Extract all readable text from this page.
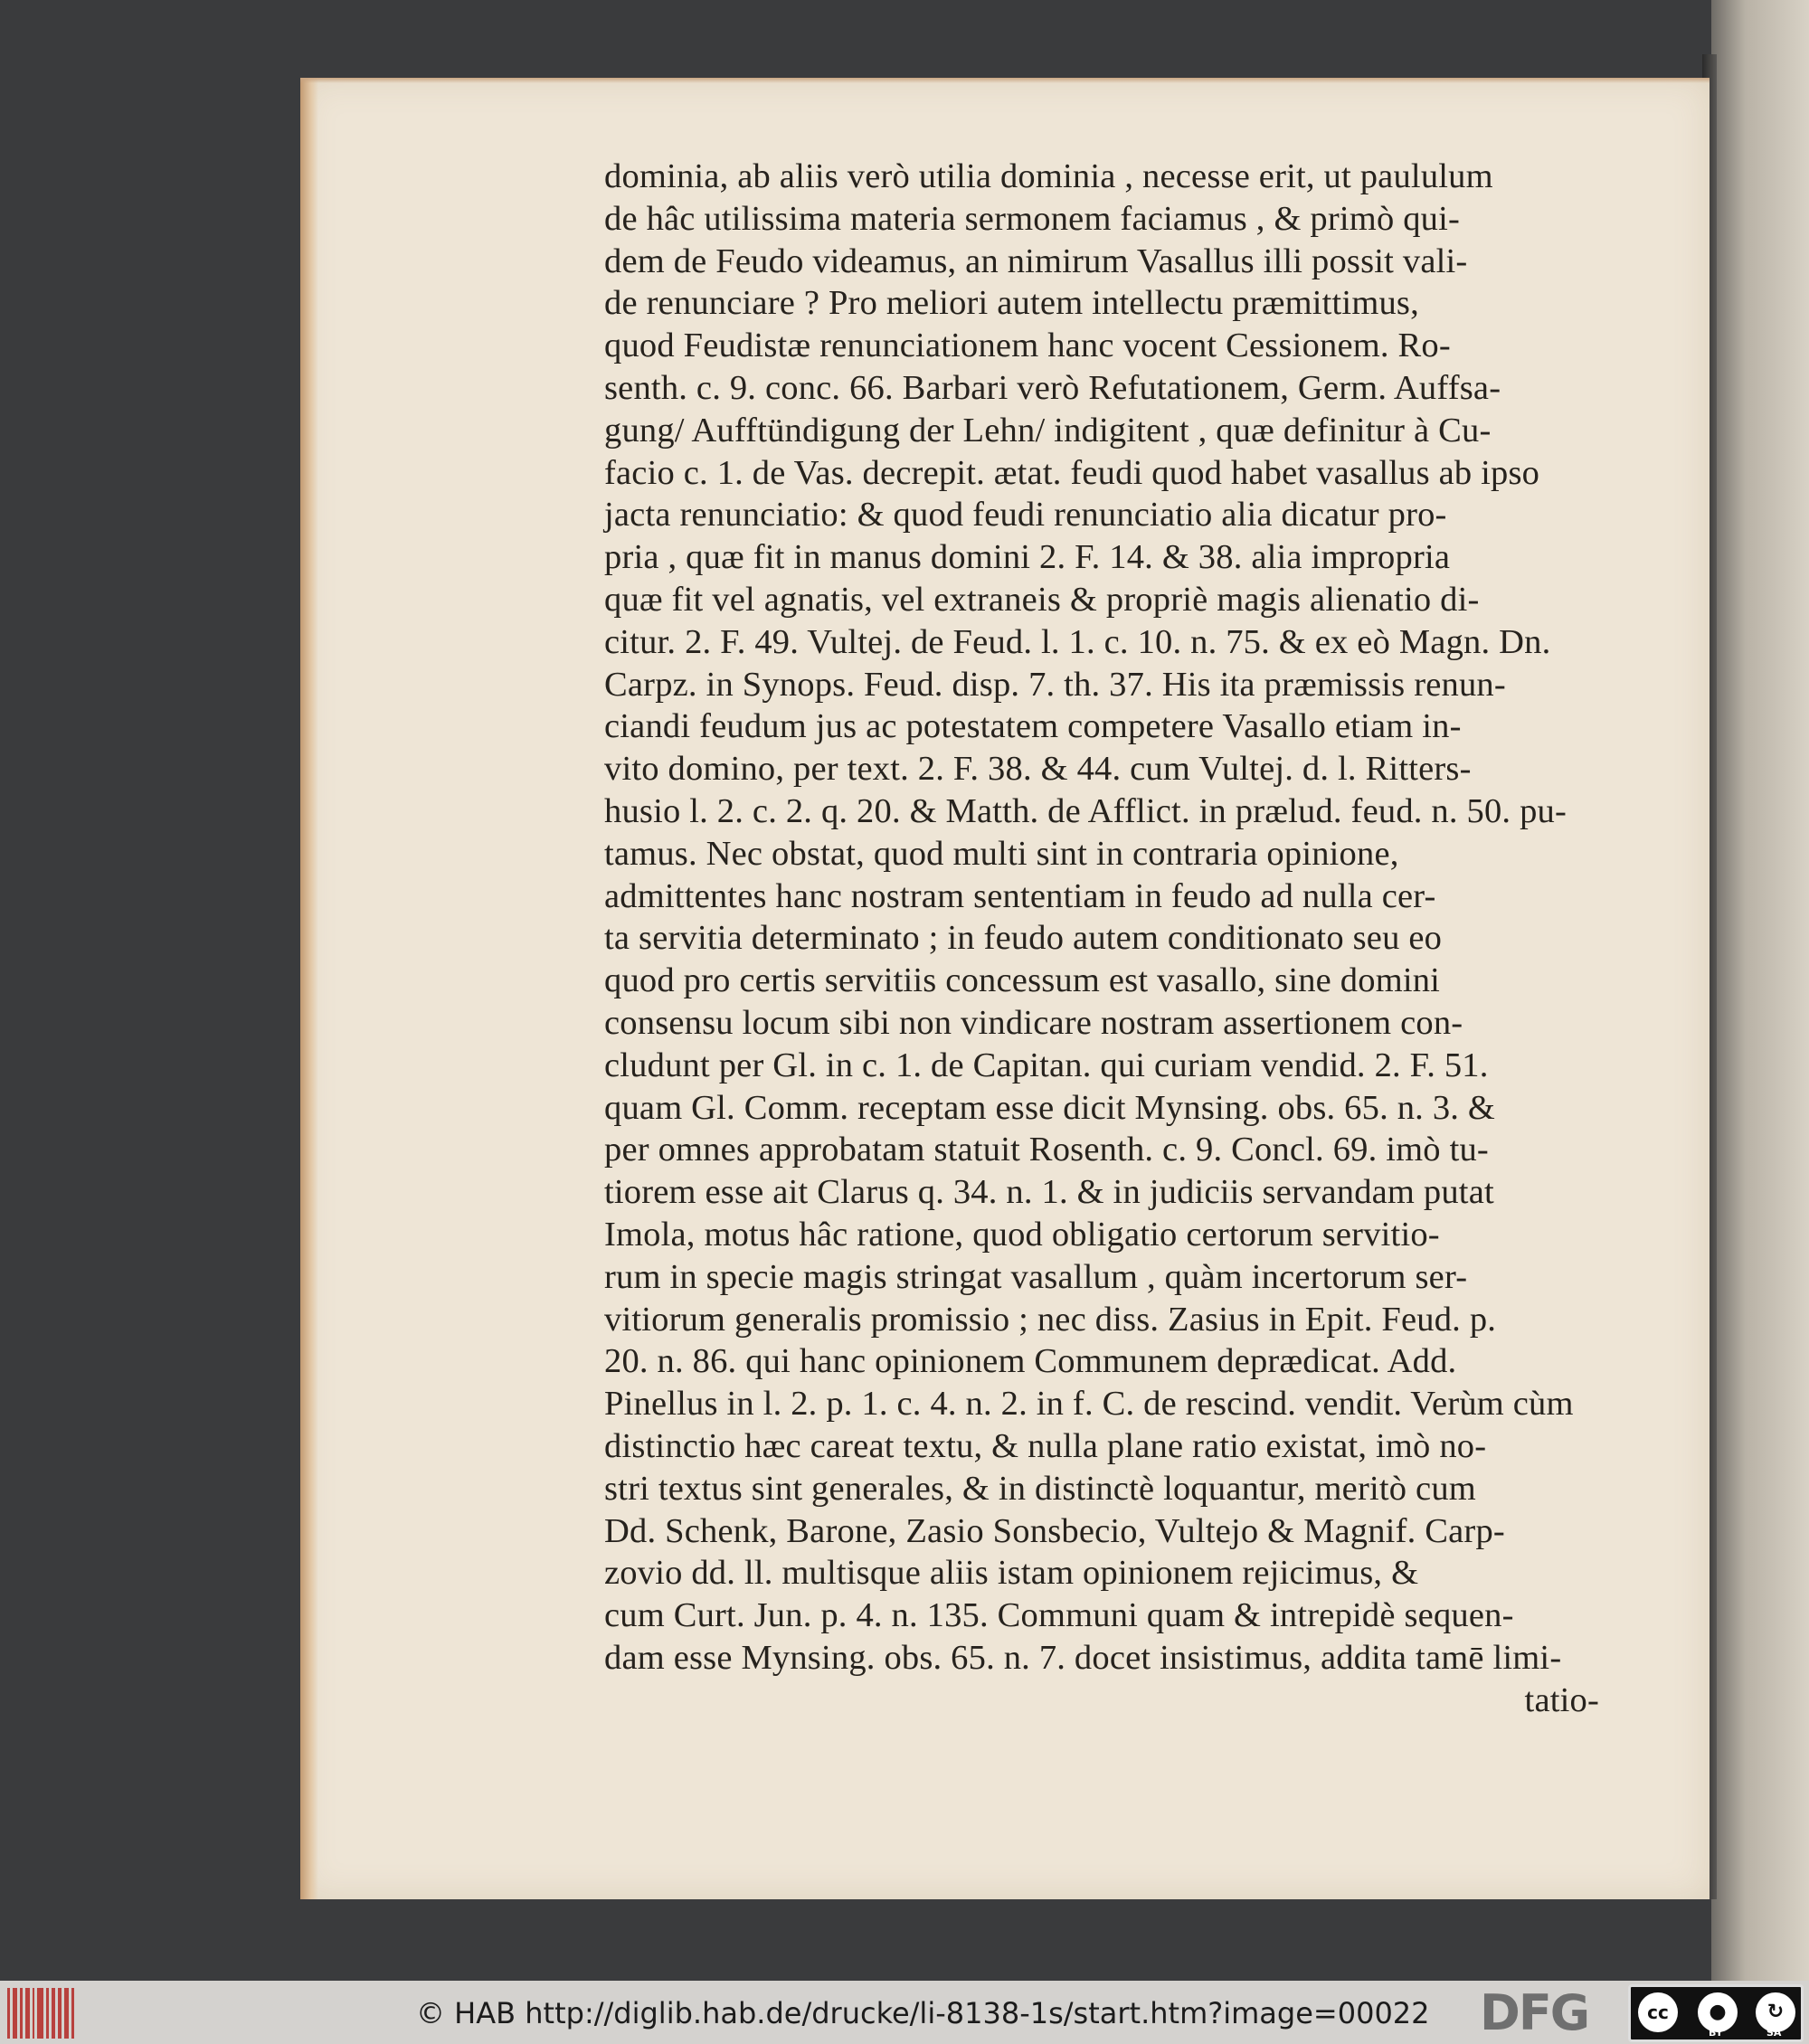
dominia, ab aliis verò utilia dominia , necesse erit, ut paululum
de hâc utilissima materia sermonem faciamus , & primò qui-
dem de Feudo videamus, an nimirum Vasallus illi possit vali-
de renunciare ? Pro meliori autem intellectu præmittimus,
quod Feudistæ renunciationem hanc vocent Cessionem. Ro-
senth. c. 9. conc. 66. Barbari verò Refutationem, Germ. Auffsa-
gung/ Aufftündigung der Lehn/ indigitent , quæ definitur à Cu-
facio c. 1. de Vas. decrepit. ætat. feudi quod habet vasallus ab ipso
jacta renunciatio: & quod feudi renunciatio alia dicatur pro-
pria , quæ fit in manus domini 2. F. 14. & 38. alia impropria
quæ fit vel agnatis, vel extraneis & propriè magis alienatio di-
citur. 2. F. 49. Vultej. de Feud. l. 1. c. 10. n. 75. & ex eò Magn. Dn.
Carpz. in Synops. Feud. disp. 7. th. 37. His ita præmissis renun-
ciandi feudum jus ac potestatem competere Vasallo etiam in-
vito domino, per text. 2. F. 38. & 44. cum Vultej. d. l. Ritters-
husio l. 2. c. 2. q. 20. & Matth. de Afflict. in prælud. feud. n. 50. pu-
tamus. Nec obstat, quod multi sint in contraria opinione,
admittentes hanc nostram sententiam in feudo ad nulla cer-
ta servitia determinato ; in feudo autem conditionato seu eo
quod pro certis servitiis concessum est vasallo, sine domini
consensu locum sibi non vindicare nostram assertionem con-
cludunt per Gl. in c. 1. de Capitan. qui curiam vendid. 2. F. 51.
quam Gl. Comm. receptam esse dicit Mynsing. obs. 65. n. 3. &
per omnes approbatam statuit Rosenth. c. 9. Concl. 69. imò tu-
tiorem esse ait Clarus q. 34. n. 1. & in judiciis servandam putat
Imola, motus hâc ratione, quod obligatio certorum servitio-
rum in specie magis stringat vasallum , quàm incertorum ser-
vitiorum generalis promissio ; nec diss. Zasius in Epit. Feud. p.
20. n. 86. qui hanc opinionem Communem deprædicat. Add.
Pinellus in l. 2. p. 1. c. 4. n. 2. in f. C. de rescind. vendit. Verùm cùm
distinctio hæc careat textu, & nulla plane ratio existat, imò no-
stri textus sint generales, & in distinctè loquantur, meritò cum
Dd. Schenk, Barone, Zasio Sonsbecio, Vultejo & Magnif. Carp-
zovio dd. ll. multisque aliis istam opinionem rejicimus, &
cum Curt. Jun. p. 4. n. 135. Communi quam & intrepidè sequen-
dam esse Mynsing. obs. 65. n. 7. docet insistimus, addita tamē limi-
tatio-
© HAB http://diglib.hab.de/drucke/li-8138-1s/start.htm?image=00022 DFG	cc	●	↻
BY	SA
